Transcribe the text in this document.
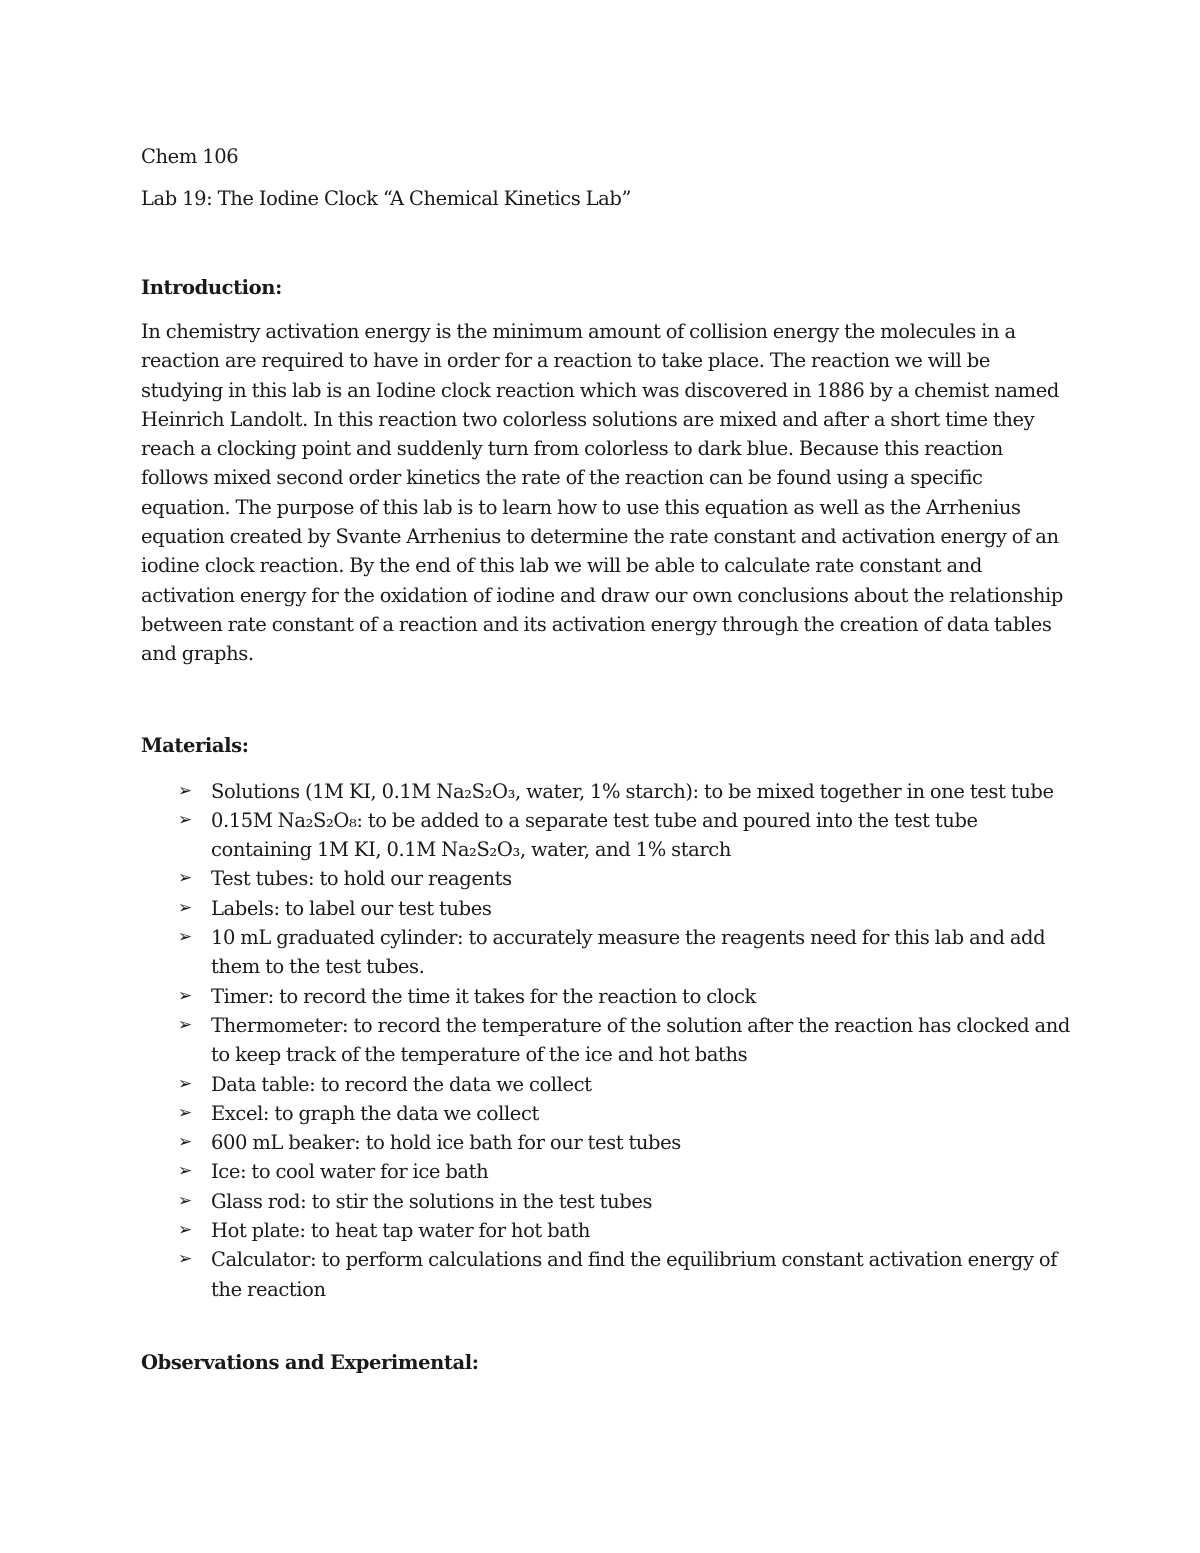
Chem 106

Lab 19: The Iodine Clock “A Chemical Kinetics Lab”

Introduction:

In chemistry activation energy is the minimum amount of collision energy the molecules in a reaction are required to have in order for a reaction to take place. The reaction we will be studying in this lab is an Iodine clock reaction which was discovered in 1886 by a chemist named Heinrich Landolt. In this reaction two colorless solutions are mixed and after a short time they reach a clocking point and suddenly turn from colorless to dark blue. Because this reaction follows mixed second order kinetics the rate of the reaction can be found using a specific equation. The purpose of this lab is to learn how to use this equation as well as the Arrhenius equation created by Svante Arrhenius to determine the rate constant and activation energy of an iodine clock reaction. By the end of this lab we will be able to calculate rate constant and activation energy for the oxidation of iodine and draw our own conclusions about the relationship between rate constant of a reaction and its activation energy through the creation of data tables and graphs.

Materials:

➢ Solutions (1M KI, 0.1M Na₂S₂O₃, water, 1% starch): to be mixed together in one test tube
➢ 0.15M Na₂S₂O₈: to be added to a separate test tube and poured into the test tube containing 1M KI, 0.1M Na₂S₂O₃, water, and 1% starch
➢ Test tubes: to hold our reagents
➢ Labels: to label our test tubes
➢ 10 mL graduated cylinder: to accurately measure the reagents need for this lab and add them to the test tubes.
➢ Timer: to record the time it takes for the reaction to clock
➢ Thermometer: to record the temperature of the solution after the reaction has clocked and to keep track of the temperature of the ice and hot baths
➢ Data table: to record the data we collect
➢ Excel: to graph the data we collect
➢ 600 mL beaker: to hold ice bath for our test tubes
➢ Ice: to cool water for ice bath
➢ Glass rod: to stir the solutions in the test tubes
➢ Hot plate: to heat tap water for hot bath
➢ Calculator: to perform calculations and find the equilibrium constant activation energy of the reaction

Observations and Experimental:
